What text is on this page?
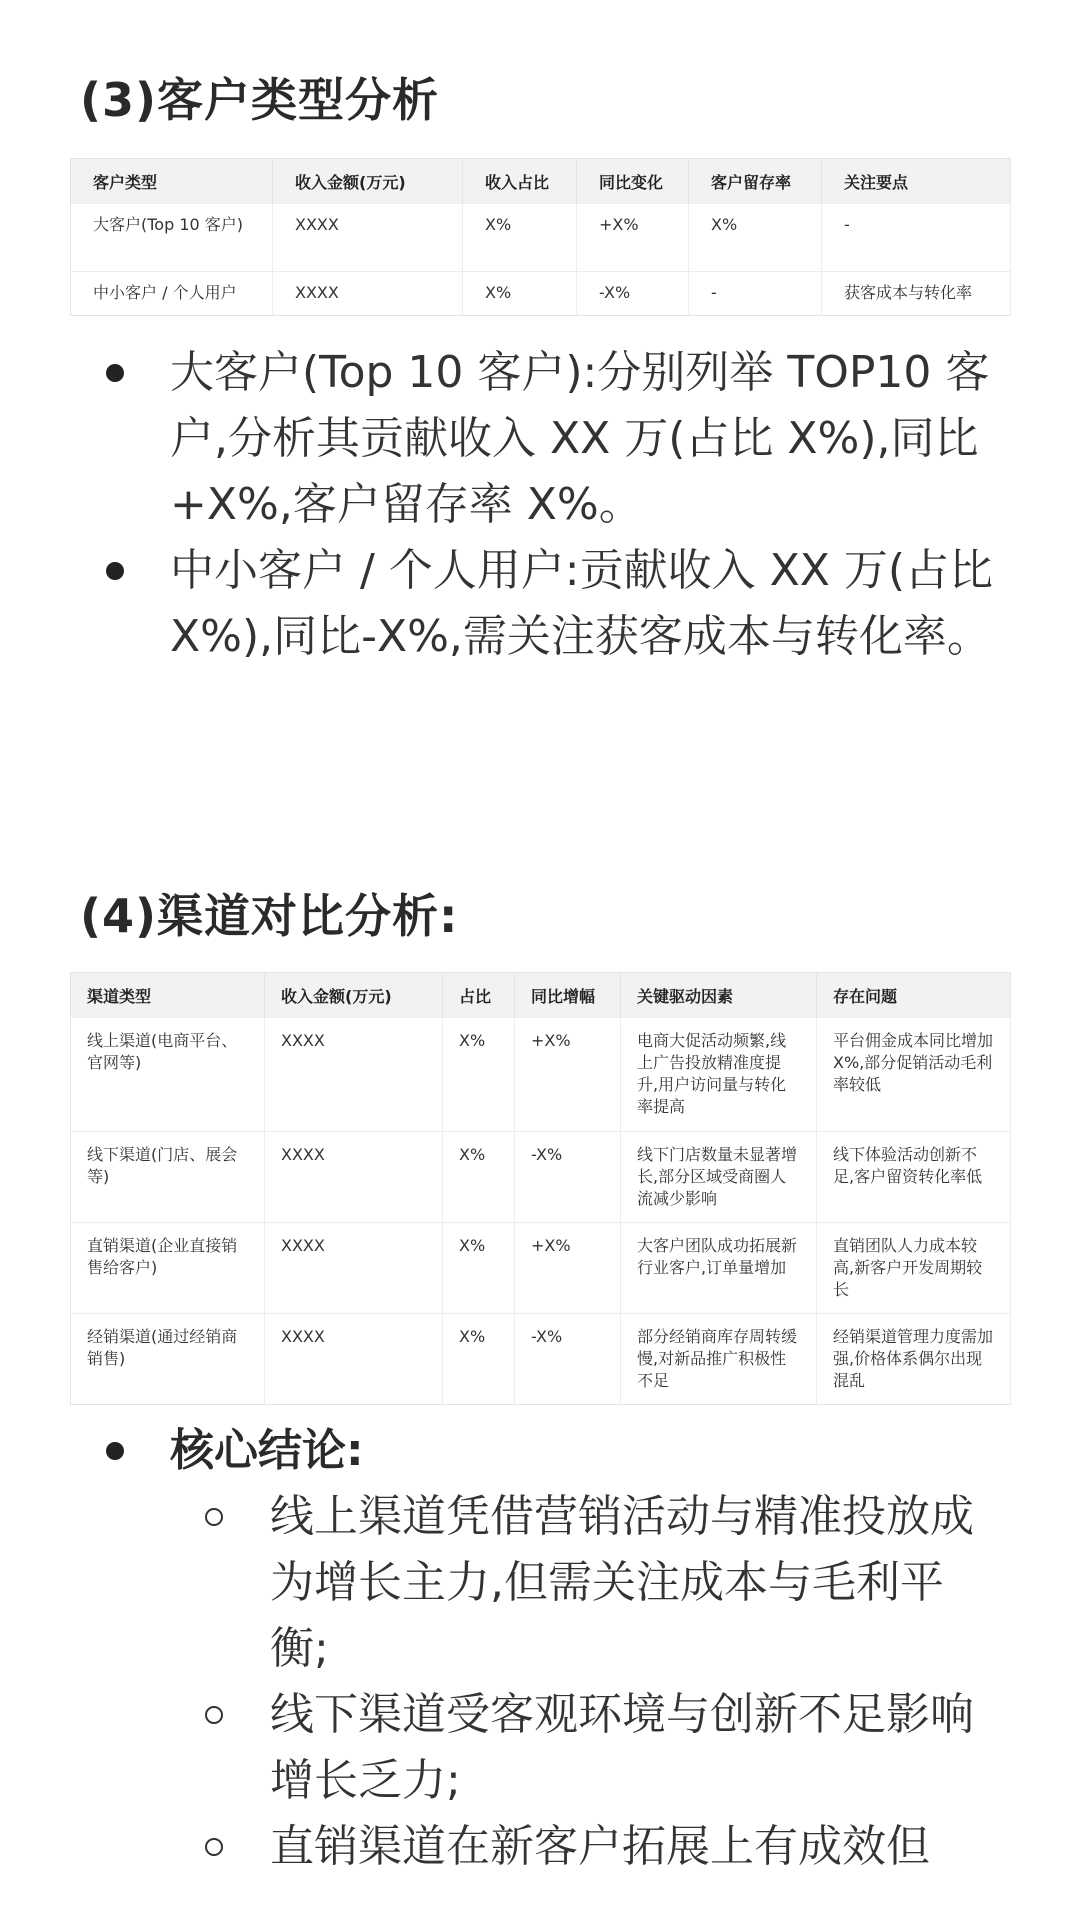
(3)客户类型分析
客户类型	收入金额(万元)	收入占比	同比变化	客户留存率	关注要点
大客户(Top 10 客户)	XXXX	X%	+X%	X%	-
中小客户 / 个人用户	XXXX	X%	-X%	-	获客成本与转化率
大客户(Top 10 客户):分别列举 TOP10 客户,分析其贡献收入 XX 万(占比 X%),同比 +X%,客户留存率 X%。
中小客户 / 个人用户:贡献收入 XX 万(占比 X%),同比-X%,需关注获客成本与转化率。
(4)渠道对比分析:
渠道类型	收入金额(万元)	占比	同比增幅	关键驱动因素	存在问题
线上渠道(电商平台、官网等)	XXXX	X%	+X%	电商大促活动频繁,线上广告投放精准度提升,用户访问量与转化率提高	平台佣金成本同比增加 X%,部分促销活动毛利率较低
线下渠道(门店、展会等)	XXXX	X%	-X%	线下门店数量未显著增长,部分区域受商圈人流减少影响	线下体验活动创新不足,客户留资转化率低
直销渠道(企业直接销售给客户)	XXXX	X%	+X%	大客户团队成功拓展新行业客户,订单量增加	直销团队人力成本较高,新客户开发周期较长
经销渠道(通过经销商销售)	XXXX	X%	-X%	部分经销商库存周转缓慢,对新品推广积极性不足	经销渠道管理力度需加强,价格体系偶尔出现混乱
核心结论:
线上渠道凭借营销活动与精准投放成为增长主力,但需关注成本与毛利平衡;
线下渠道受客观环境与创新不足影响增长乏力;
直销渠道在新客户拓展上有成效但
